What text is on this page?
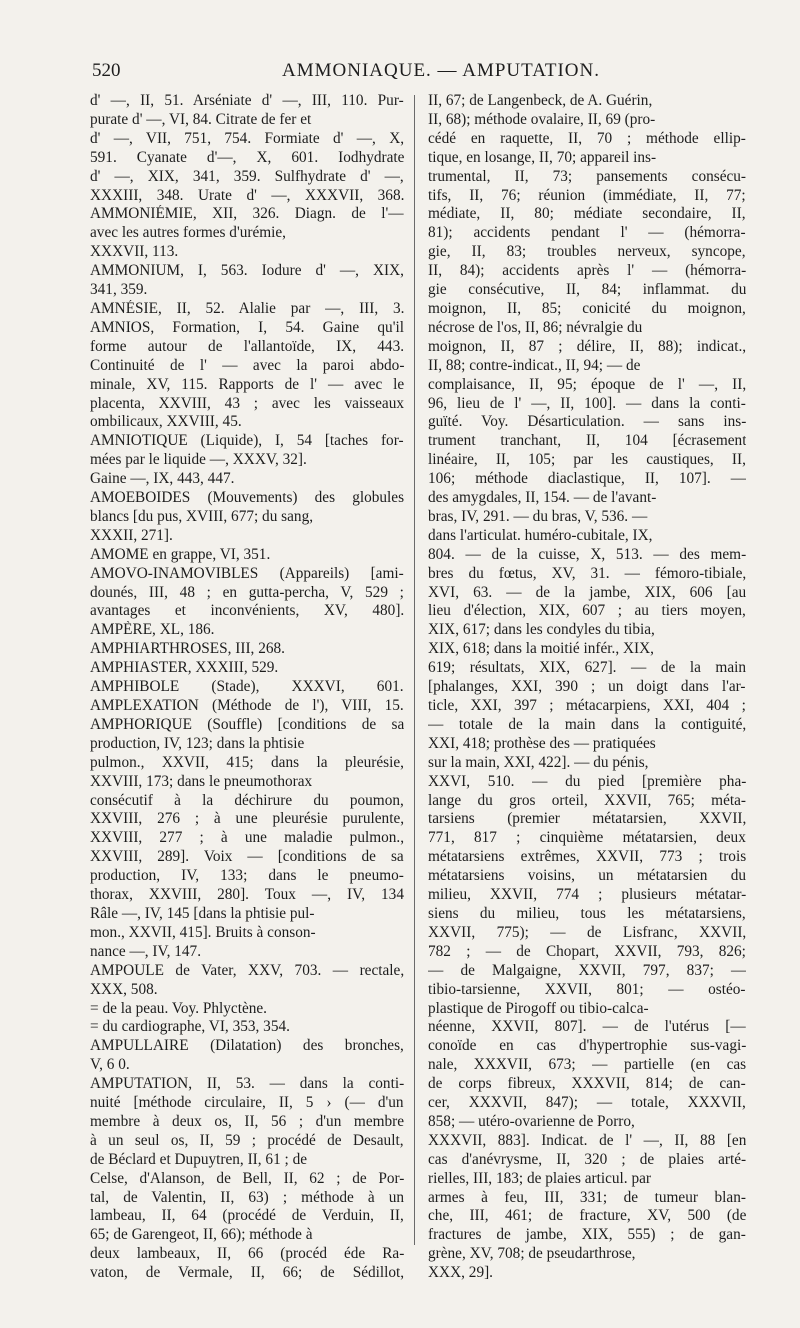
520	AMMONIAQUE. — AMPUTATION.
d' —, II, 51. Arséniate d' —, III, 110. Pur-
purate d' —, VI, 84. Citrate de fer et
d' —, VII, 751, 754. Formiate d' —, X,
591. Cyanate d'—, X, 601. Iodhydrate
d' —, XIX, 341, 359. Sulfhydrate d' —,
XXXIII, 348. Urate d' —, XXXVII, 368.
AMMONIÉMIE, XII, 326. Diagn. de l'—
avec les autres formes d'urémie,
XXXVII, 113.
AMMONIUM, I, 563. Iodure d' —, XIX,
341, 359.
AMNÉSIE, II, 52. Alalie par —, III, 3.
AMNIOS, Formation, I, 54. Gaine qu'il
forme autour de l'allantoïde, IX, 443.
Continuité de l' — avec la paroi abdo-
minale, XV, 115. Rapports de l' — avec le
placenta, XXVIII, 43 ; avec les vaisseaux
ombilicaux, XXVIII, 45.
AMNIOTIQUE (Liquide), I, 54 [taches for-
mées par le liquide —, XXXV, 32].
Gaine —, IX, 443, 447.
AMOEBOIDES (Mouvements) des globules
blancs [du pus, XVIII, 677; du sang,
XXXII, 271].
AMOME en grappe, VI, 351.
AMOVO-INAMOVIBLES (Appareils) [ami-
dounés, III, 48 ; en gutta-percha, V, 529 ;
avantages et inconvénients, XV, 480].
AMPÈRE, XL, 186.
AMPHIARTHROSES, III, 268.
AMPHIASTER, XXXIII, 529.
AMPHIBOLE (Stade), XXXVI, 601.
AMPLEXATION (Méthode de l'), VIII, 15.
AMPHORIQUE (Souffle) [conditions de sa
production, IV, 123; dans la phtisie
pulmon., XXVII, 415; dans la pleurésie,
XXVIII, 173; dans le pneumothorax
consécutif à la déchirure du poumon,
XXVIII, 276 ; à une pleurésie purulente,
XXVIII, 277 ; à une maladie pulmon.,
XXVIII, 289]. Voix — [conditions de sa
production, IV, 133; dans le pneumo-
thorax, XXVIII, 280]. Toux —, IV, 134
Râle —, IV, 145 [dans la phtisie pul-
mon., XXVII, 415]. Bruits à conson-
nance —, IV, 147.
AMPOULE de Vater, XXV, 703. — rectale,
XXX, 508.
= de la peau. Voy. Phlyctène.
= du cardiographe, VI, 353, 354.
AMPULLAIRE (Dilatation) des bronches,
V, 6 0.
AMPUTATION, II, 53. — dans la conti-
nuité [méthode circulaire, II, 5 › (— d'un
membre à deux os, II, 56 ; d'un membre
à un seul os, II, 59 ; procédé de Desault,
de Béclard et Dupuytren, II, 61 ; de
Celse, d'Alanson, de Bell, II, 62 ; de Por-
tal, de Valentin, II, 63) ; méthode à un
lambeau, II, 64 (procédé de Verduin, II,
65; de Garengeot, II, 66); méthode à
deux lambeaux, II, 66 (procéd éde Ra-
vaton, de Vermale, II, 66; de Sédillot,
II, 67; de Langenbeck, de A. Guérin,
II, 68); méthode ovalaire, II, 69 (pro-
cédé en raquette, II, 70 ; méthode ellip-
tique, en losange, II, 70; appareil ins-
trumental, II, 73; pansements consécu-
tifs, II, 76; réunion (immédiate, II, 77;
médiate, II, 80; médiate secondaire, II,
81); accidents pendant l' — (hémorra-
gie, II, 83; troubles nerveux, syncope,
II, 84); accidents après l' — (hémorra-
gie consécutive, II, 84; inflammat. du
moignon, II, 85; conicité du moignon,
nécrose de l'os, II, 86; névralgie du
moignon, II, 87 ; délire, II, 88); indicat.,
II, 88; contre-indicat., II, 94; — de
complaisance, II, 95; époque de l' —, II,
96, lieu de l' —, II, 100]. — dans la conti-
guïté. Voy. Désarticulation. — sans ins-
trument tranchant, II, 104 [écrasement
linéaire, II, 105; par les caustiques, II,
106; méthode diaclastique, II, 107]. —
des amygdales, II, 154. — de l'avant-
bras, IV, 291. — du bras, V, 536. —
dans l'articulat. huméro-cubitale, IX,
804. — de la cuisse, X, 513. — des mem-
bres du fœtus, XV, 31. — fémoro-tibiale,
XVI, 63. — de la jambe, XIX, 606 [au
lieu d'élection, XIX, 607 ; au tiers moyen,
XIX, 617; dans les condyles du tibia,
XIX, 618; dans la moitié infér., XIX,
619; résultats, XIX, 627]. — de la main
[phalanges, XXI, 390 ; un doigt dans l'ar-
ticle, XXI, 397 ; métacarpiens, XXI, 404 ;
— totale de la main dans la contiguité,
XXI, 418; prothèse des — pratiquées
sur la main, XXI, 422]. — du pénis,
XXVI, 510. — du pied [première pha-
lange du gros orteil, XXVII, 765; méta-
tarsiens (premier métatarsien, XXVII,
771, 817 ; cinquième métatarsien, deux
métatarsiens extrêmes, XXVII, 773 ; trois
métatarsiens voisins, un métatarsien du
milieu, XXVII, 774 ; plusieurs métatar-
siens du milieu, tous les métatarsiens,
XXVII, 775); — de Lisfranc, XXVII,
782 ; — de Chopart, XXVII, 793, 826;
— de Malgaigne, XXVII, 797, 837; —
tibio-tarsienne, XXVII, 801; — ostéo-
plastique de Pirogoff ou tibio-calca-
néenne, XXVII, 807]. — de l'utérus [—
conoïde en cas d'hypertrophie sus-vagi-
nale, XXXVII, 673; — partielle (en cas
de corps fibreux, XXXVII, 814; de can-
cer, XXXVII, 847); — totale, XXXVII,
858; — utéro-ovarienne de Porro,
XXXVII, 883]. Indicat. de l' —, II, 88 [en
cas d'anévrysme, II, 320 ; de plaies arté-
rielles, III, 183; de plaies articul. par
armes à feu, III, 331; de tumeur blan-
che, III, 461; de fracture, XV, 500 (de
fractures de jambe, XIX, 555) ; de gan-
grène, XV, 708; de pseudarthrose,
XXX, 29].
